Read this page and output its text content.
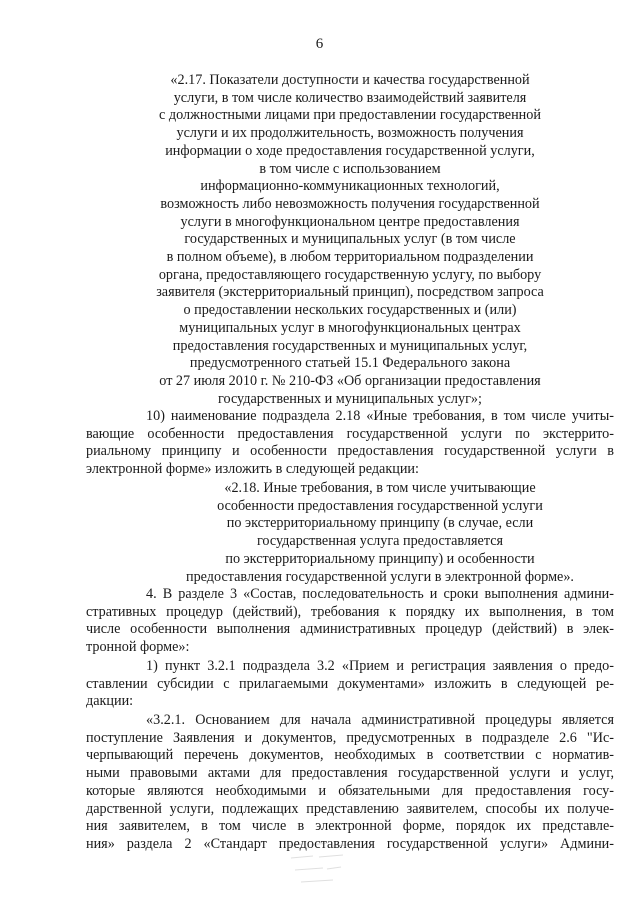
6
«2.17. Показатели доступности и качества государственной
услуги, в том числе количество взаимодействий заявителя
с должностными лицами при предоставлении государственной
услуги и их продолжительность, возможность получения
информации о ходе предоставления государственной услуги,
в том числе с использованием
информационно-коммуникационных технологий,
возможность либо невозможность получения государственной
услуги в многофункциональном центре предоставления
государственных и муниципальных услуг (в том числе
в полном объеме), в любом территориальном подразделении
органа, предоставляющего государственную услугу, по выбору
заявителя (экстерриториальный принцип), посредством запроса
о предоставлении нескольких государственных и (или)
муниципальных услуг в многофункциональных центрах
предоставления государственных и муниципальных услуг,
предусмотренного статьей 15.1 Федерального закона
от 27 июля 2010 г. № 210-ФЗ «Об организации предоставления
государственных и муниципальных услуг»;
10) наименование подраздела 2.18 «Иные требования, в том числе учиты-
вающие особенности предоставления государственной услуги по экстеррито-
риальному принципу и особенности предоставления государственной услуги в
электронной форме» изложить в следующей редакции:
«2.18. Иные требования, в том числе учитывающие
особенности предоставления государственной услуги
по экстерриториальному принципу (в случае, если
государственная услуга предоставляется
по экстерриториальному принципу) и особенности
предоставления государственной услуги в электронной форме».
4. В разделе 3 «Состав, последовательность и сроки выполнения админи-
стративных процедур (действий), требования к порядку их выполнения, в том
числе особенности выполнения административных процедур (действий) в элек-
тронной форме»:
1) пункт 3.2.1 подраздела 3.2 «Прием и регистрация заявления о предо-
ставлении субсидии с прилагаемыми документами» изложить в следующей ре-
дакции:
«3.2.1. Основанием для начала административной процедуры является
поступление Заявления и документов, предусмотренных в подразделе 2.6 "Ис-
черпывающий перечень документов, необходимых в соответствии с норматив-
ными правовыми актами для предоставления государственной услуги и услуг,
которые являются необходимыми и обязательными для предоставления госу-
дарственной услуги, подлежащих представлению заявителем, способы их получе-
ния заявителем, в том числе в электронной форме, порядок их представле-
ния» раздела 2 «Стандарт предоставления государственной услуги» Админи-
